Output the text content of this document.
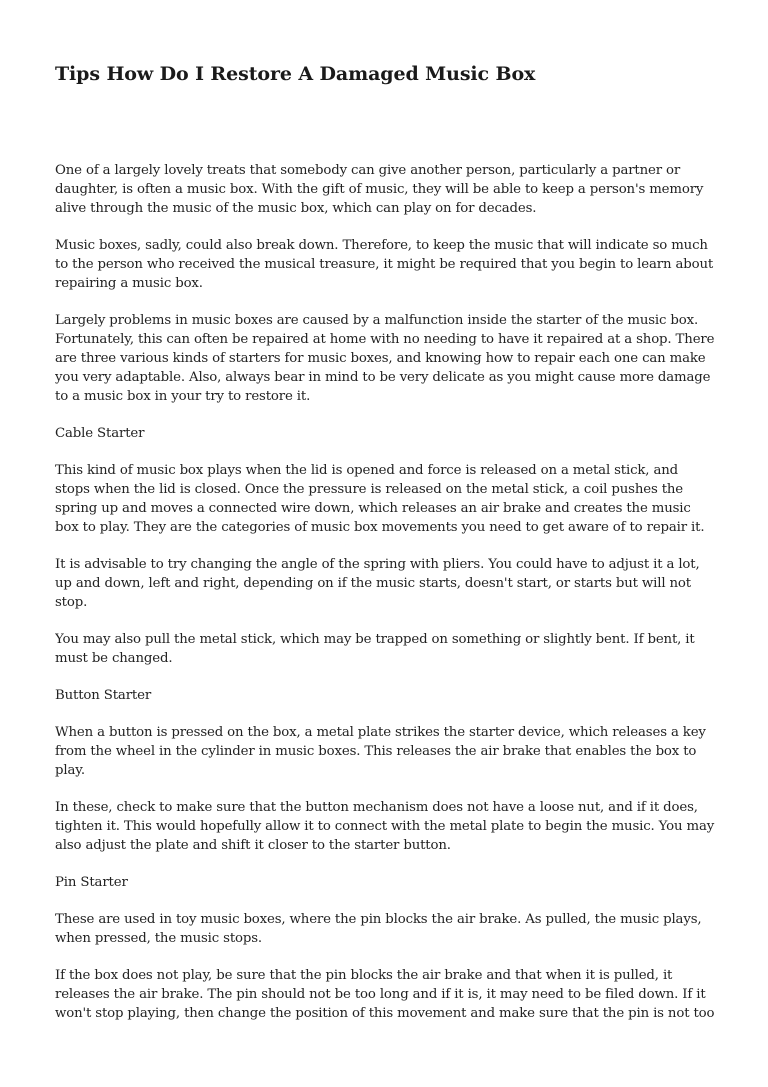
Tips How Do I Restore A Damaged Music Box

One of a largely lovely treats that somebody can give another person, particularly a partner or daughter, is often a music box. With the gift of music, they will be able to keep a person's memory alive through the music of the music box, which can play on for decades.

Music boxes, sadly, could also break down. Therefore, to keep the music that will indicate so much to the person who received the musical treasure, it might be required that you begin to learn about repairing a music box.

Largely problems in music boxes are caused by a malfunction inside the starter of the music box. Fortunately, this can often be repaired at home with no needing to have it repaired at a shop. There are three various kinds of starters for music boxes, and knowing how to repair each one can make you very adaptable. Also, always bear in mind to be very delicate as you might cause more damage to a music box in your try to restore it.

Cable Starter

This kind of music box plays when the lid is opened and force is released on a metal stick, and stops when the lid is closed. Once the pressure is released on the metal stick, a coil pushes the spring up and moves a connected wire down, which releases an air brake and creates the music box to play. They are the categories of music box movements you need to get aware of to repair it.

It is advisable to try changing the angle of the spring with pliers. You could have to adjust it a lot, up and down, left and right, depending on if the music starts, doesn't start, or starts but will not stop.

You may also pull the metal stick, which may be trapped on something or slightly bent. If bent, it must be changed.

Button Starter

When a button is pressed on the box, a metal plate strikes the starter device, which releases a key from the wheel in the cylinder in music boxes. This releases the air brake that enables the box to play.

In these, check to make sure that the button mechanism does not have a loose nut, and if it does, tighten it. This would hopefully allow it to connect with the metal plate to begin the music. You may also adjust the plate and shift it closer to the starter button.

Pin Starter

These are used in toy music boxes, where the pin blocks the air brake. As pulled, the music plays, when pressed, the music stops.

If the box does not play, be sure that the pin blocks the air brake and that when it is pulled, it releases the air brake. The pin should not be too long and if it is, it may need to be filed down. If it won't stop playing, then change the position of this movement and make sure that the pin is not too
